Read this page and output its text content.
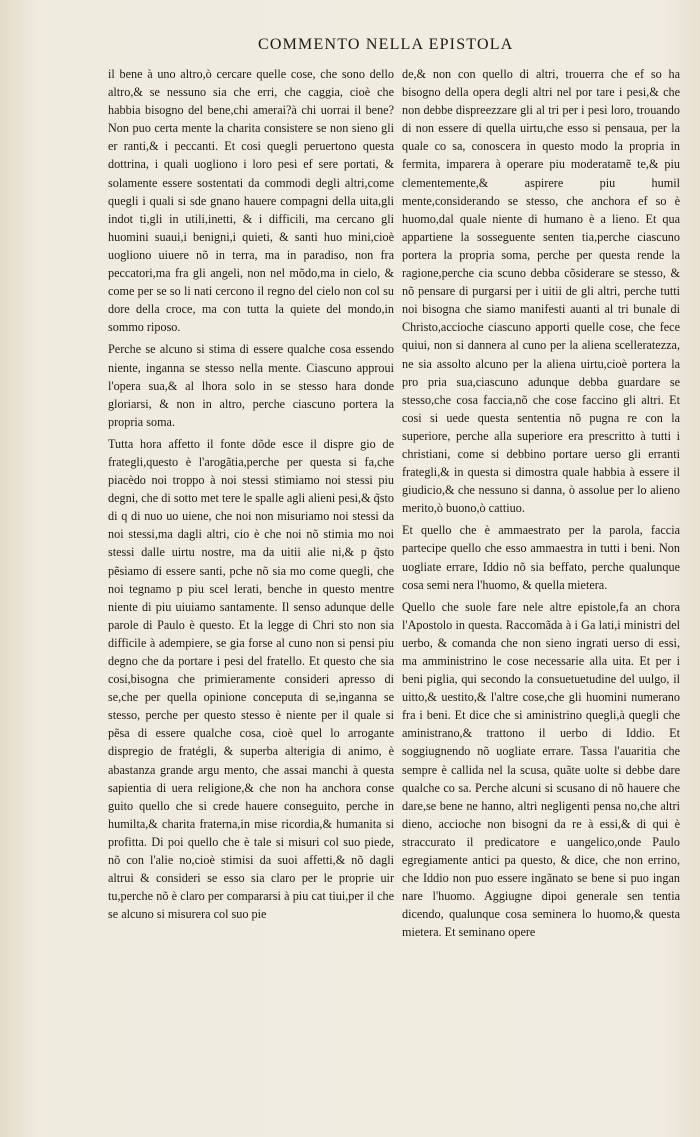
COMMENTO NELLA EPISTOLA

il bene à uno altro,ò cercare quelle cose, che sono dello altro,& se nessuno sia che erri, che caggia, cioè che habbia bisogno del bene,chi amerai?à chi uorrai il bene? Non puo certa mente la charita consistere se non sieno gli er ranti,& i peccanti. Et cosi quegli peruertono questa dottrina, i quali uogliono i loro pesi ef sere portati, & solamente essere sostentati da commodi degli altri,come quegli i quali si sde gnano hauere compagni della uita,gli indot ti,gli in utili,inetti, & i difficili, ma cercano gli huomini suaui,i benigni,i quieti, & santi huo mini,cioè uogliono uiuere nõ in terra, ma in paradiso, non fra peccatori,ma fra gli angeli, non nel mõdo,ma in cielo, & come per se so li nati cercono il regno del cielo non col su dore della croce, ma con tutta la quiete del mondo,in sommo riposo.

Perche se alcuno si stima di essere qualche cosa essendo niente, inganna se stesso nella mente. Ciascuno approui l'opera sua,& al lhora solo in se stesso hara donde gloriarsi, & non in altro, perche ciascuno portera la propria soma.

Tutta hora affetto il fonte dõde esce il dispre gio de frategli,questo è l'arogãtia,perche per questa si fa,che piacèdo noi troppo à noi stessi stimiamo noi stessi piu degni, che di sotto met tere le spalle agli alieni pesi,& q̃sto di q di nuo uo uiene, che noi non misuriamo noi stessi da noi stessi,ma dagli altri, cio è che noi nõ stimia mo noi stessi dalle uirtu nostre, ma da uitii alie ni,& p q̃sto pẽsiamo di essere santi, pche nõ sia mo come quegli, che noi tegnamo p piu scel lerati, benche in questo mentre niente di piu uiuiamo santamente. Il senso adunque delle parole di Paulo è questo. Et la legge di Chri sto non sia difficile à adempiere, se gia forse al cuno non si pensi piu degno che da portare i pesi del fratello. Et questo che sia cosi,bisogna che primieramente consideri apresso di se,che per quella opinione conceputa di se,inganna se stesso, perche per questo stesso è niente per il quale si pẽsa di essere qualche cosa, cioè quel lo arrogante dispregio de fratégli, & superba alterigia di animo, è abastanza grande argu mento, che assai manchi à questa sapientia di uera religione,& che non ha anchora conse guito quello che si crede hauere conseguito, perche in humilta,& charita fraterna,in mise ricordia,& humanita si profitta. Di poi quello che è tale si misuri col suo piede, nõ con l'alie no,cioè stimisi da suoi affetti,& nõ dagli altrui & consideri se esso sia claro per le proprie uir tu,perche nõ è claro per compararsi à piu cat tiui,per il che se alcuno si misurera col suo pie

de,& non con quello di altri, trouerra che ef so ha bisogno della opera degli altri nel por tare i pesi,& che non debbe dispreezzare gli al tri per i pesi loro, trouando di non essere di quella uirtu,che esso si pensaua, per la quale co sa, conoscera in questo modo la propria in fermita, imparera à operare piu moderatamẽ te,& piu clementemente,& aspirere piu humil mente,considerando se stesso, che anchora ef so è huomo,dal quale niente di humano è a lieno. Et qua appartiene la sosseguente senten tia,perche ciascuno portera la propria soma, perche per questa rende la ragione,perche cia scuno debba cõsiderare se stesso, & nõ pensare di purgarsi per i uitii de gli altri, perche tutti noi bisogna che siamo manifesti auanti al tri bunale di Christo,accioche ciascuno apporti quelle cose, che fece quiui, non si dannera al cuno per la aliena scelleratezza, ne sia assolto alcuno per la aliena uirtu,cioè portera la pro pria sua,ciascuno adunque debba guardare se stesso,che cosa faccia,nõ che cose faccino gli altri. Et cosi si uede questa sententia nõ pugna re con la superiore, perche alla superiore era prescritto à tutti i christiani, come si debbino portare uerso gli erranti frategli,& in questa si dimostra quale habbia à essere il giudicio,& che nessuno si danna, ò assolue per lo alieno merito,ò buono,ò cattiuo.

Et quello che è ammaestrato per la parola, faccia partecipe quello che esso ammaestra in tutti i beni. Non uogliate errare, Iddio nõ sia beffato, perche qualunque cosa semi nera l'huomo, & quella mietera.

Quello che suole fare nele altre epistole,fa an chora l'Apostolo in questa. Raccomãda à i Ga lati,i ministri del uerbo, & comanda che non sieno ingrati uerso di essi, ma amministrino le cose necessarie alla uita. Et per i beni piglia, qui secondo la consuetuetudine del uulgo, il uitto,& uestito,& l'altre cose,che gli huomini numerano fra i beni. Et dice che si aministrino quegli,à quegli che aministrano,& trattono il uerbo di Iddio. Et soggiugnendo nõ uogliate errare. Tassa l'auaritia che sempre è callida nel la scusa, quãte uolte si debbe dare qualche co sa. Perche alcuni si scusano di nõ hauere che dare,se bene ne hanno, altri negligenti pensa no,che altri dieno, accioche non bisogni da re à essi,& di qui è straccurato il predicatore e uangelico,onde Paulo egregiamente antici pa questo, & dice, che non errino, che Iddio non puo essere ingãnato se bene si puo ingan nare l'huomo. Aggiugne dipoi generale sen tentia dicendo, qualunque cosa seminera lo huomo,& questa mietera. Et seminano opere
